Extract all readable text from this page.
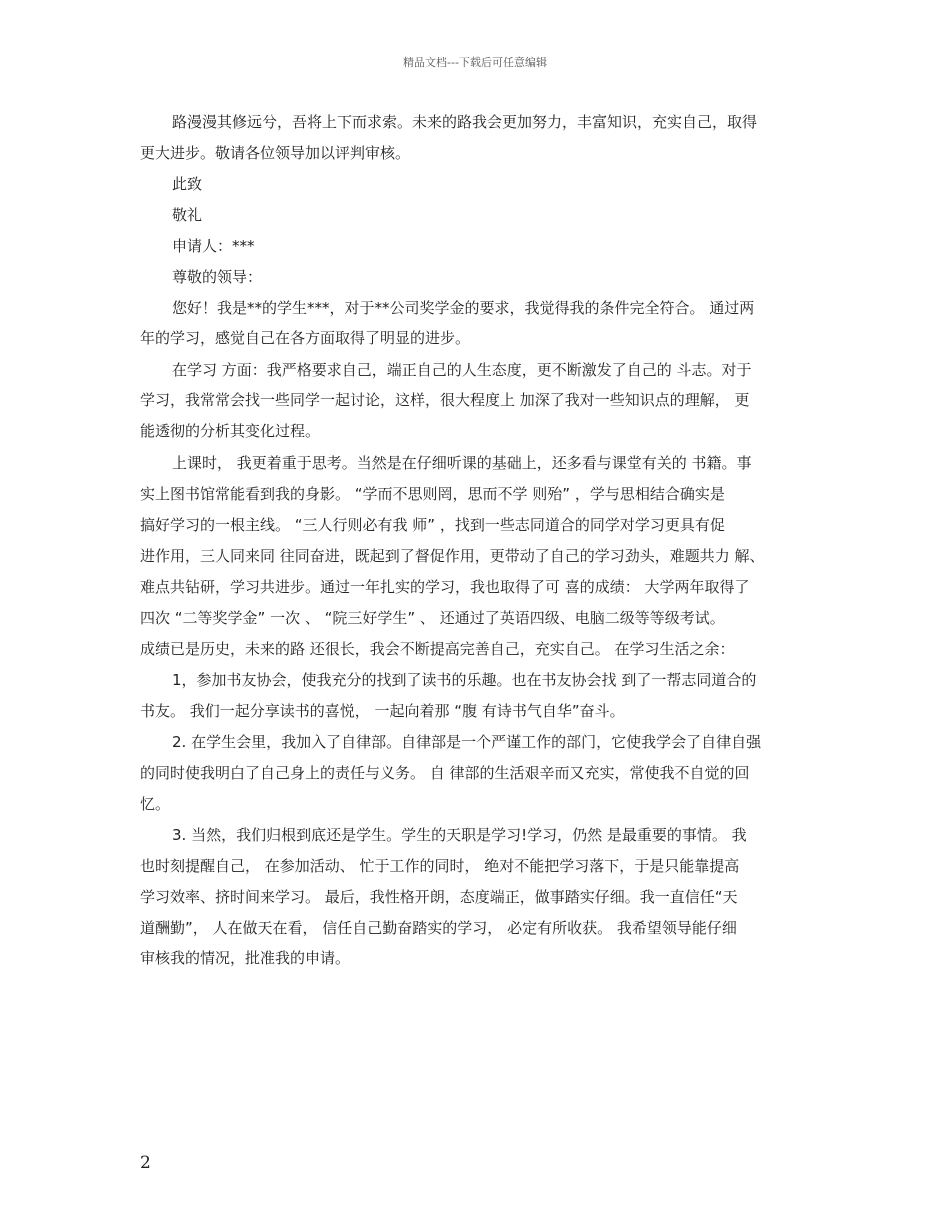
精品文档---下载后可任意编辑
路漫漫其修远兮，吾将上下而求索。未来的路我会更加努力，丰富知识，充实自己，取得
更大进步。敬请各位领导加以评判审核。
此致
敬礼
申请人：***
尊敬的领导：
您好！我是**的学生***，对于**公司奖学金的要求，我觉得我的条件完全符合。 通过两
年的学习，感觉自己在各方面取得了明显的进步。
在学习 方面：我严格要求自己，端正自己的人生态度，更不断激发了自己的 斗志。对于
学习，我常常会找一些同学一起讨论，这样，很大程度上 加深了我对一些知识点的理解， 更
能透彻的分析其变化过程。
上课时， 我更着重于思考。当然是在仔细听课的基础上，还多看与课堂有关的 书籍。事
实上图书馆常能看到我的身影。 “学而不思则罔，思而不学 则殆” ，学与思相结合确实是
搞好学习的一根主线。 “三人行则必有我 师” ，找到一些志同道合的同学对学习更具有促
进作用，三人同来同 往同奋进，既起到了督促作用，更带动了自己的学习劲头，难题共力 解、
难点共钻研，学习共进步。通过一年扎实的学习，我也取得了可 喜的成绩： 大学两年取得了
四次 “二等奖学金” 一次 、 “院三好学生” 、 还通过了英语四级、电脑二级等等级考试。
成绩已是历史，未来的路 还很长，我会不断提高完善自己，充实自己。 在学习生活之余：
1，参加书友协会，使我充分的找到了读书的乐趣。也在书友协会找 到了一帮志同道合的
书友。 我们一起分享读书的喜悦， 一起向着那 “腹 有诗书气自华”奋斗。
2. 在学生会里，我加入了自律部。自律部是一个严谨工作的部门，它使我学会了自律自强
的同时使我明白了自己身上的责任与义务。 自 律部的生活艰辛而又充实，常使我不自觉的回
忆。
3. 当然，我们归根到底还是学生。学生的天职是学习!学习，仍然 是最重要的事情。 我
也时刻提醒自己， 在参加活动、 忙于工作的同时， 绝对不能把学习落下，于是只能靠提高
学习效率、挤时间来学习。 最后，我性格开朗，态度端正，做事踏实仔细。我一直信任“天
道酬勤”， 人在做天在看， 信任自己勤奋踏实的学习， 必定有所收获。 我希望领导能仔细
审核我的情况，批准我的申请。
2
